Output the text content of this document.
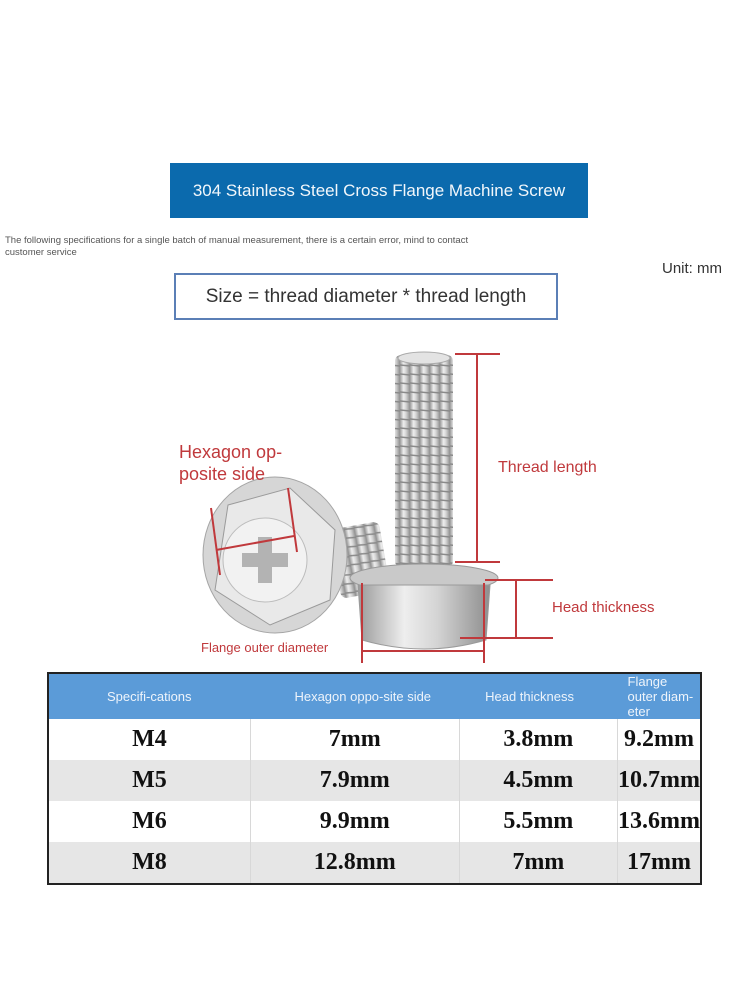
304 Stainless Steel Cross Flange Machine Screw
The following specifications for a single batch of manual measurement, there is a certain error, mind to contact customer service
Unit: mm
Size = thread diameter * thread length
Hexagon op-
posite side	Thread length
Head thickness
Flange outer diameter
Specifi-cations	Hexagon oppo-site side	Head thickness	Flange outer diam-eter
M4	7mm	3.8mm	9.2mm
M5	7.9mm	4.5mm	10.7mm
M6	9.9mm	5.5mm	13.6mm
M8	12.8mm	7mm	17mm
